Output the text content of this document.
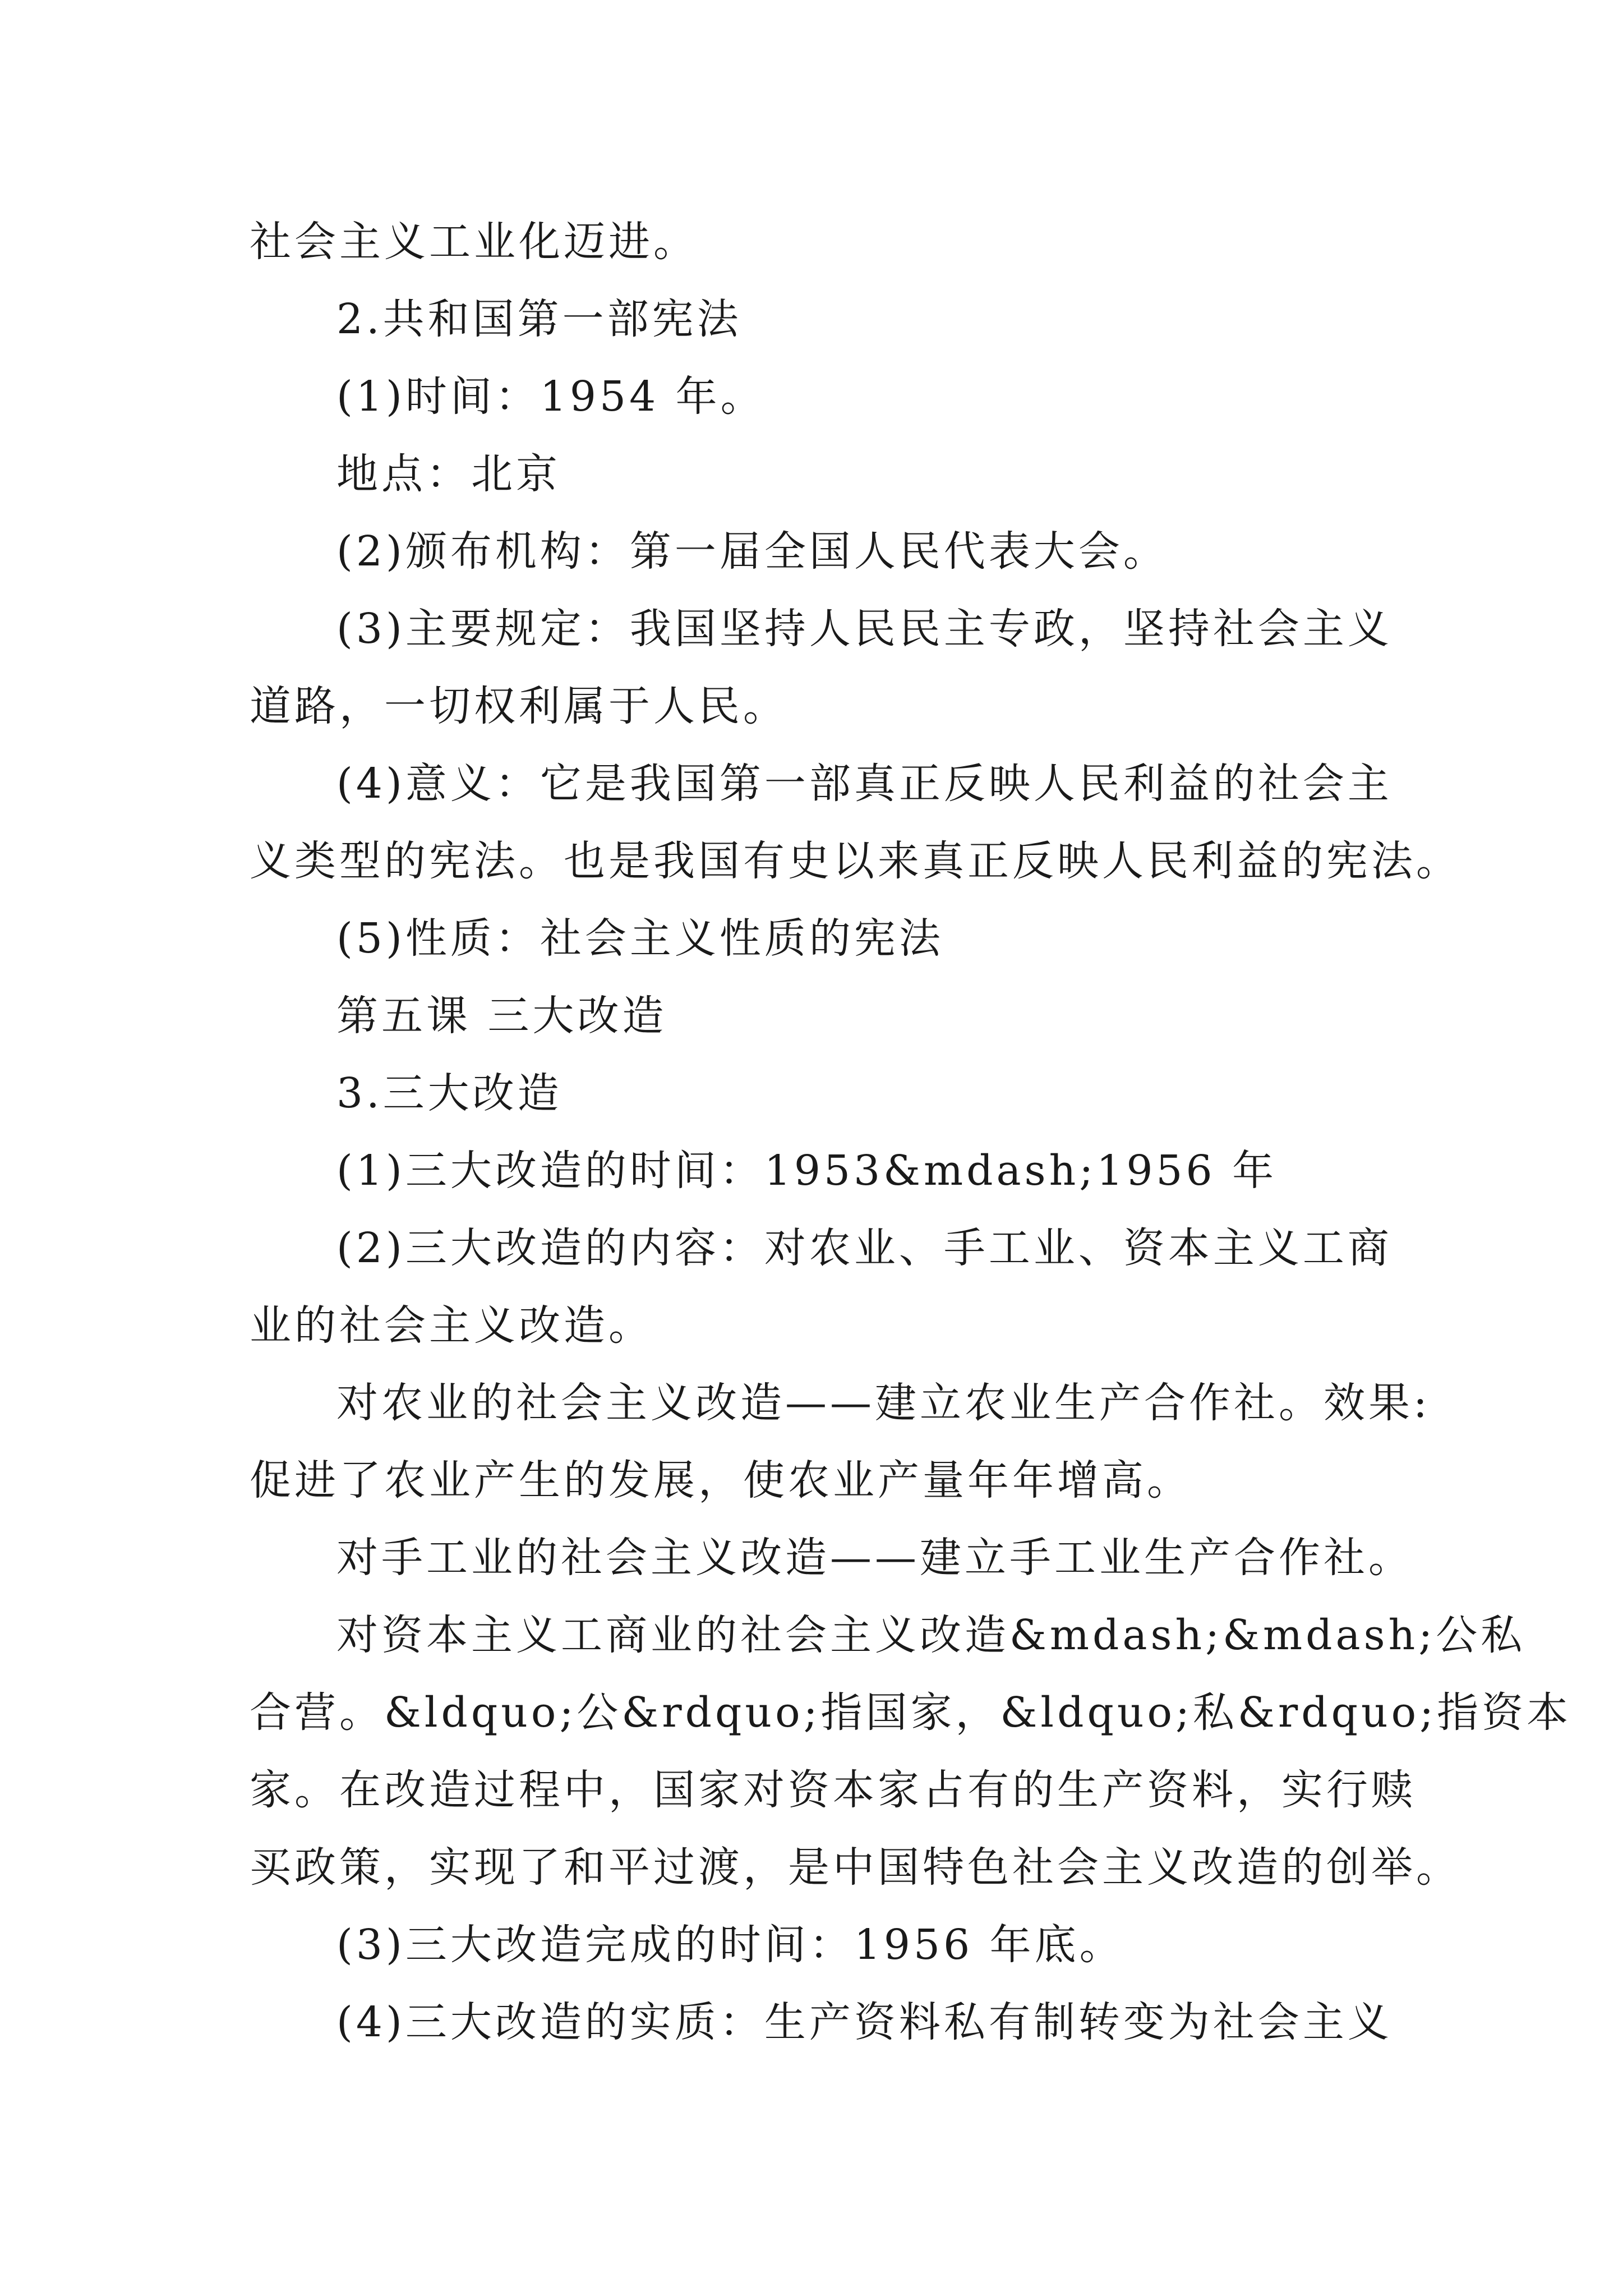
社会主义工业化迈进。
2.共和国第一部宪法
(1)时间：1954 年。
地点：北京
(2)颁布机构：第一届全国人民代表大会。
(3)主要规定：我国坚持人民民主专政，坚持社会主义
道路，一切权利属于人民。
(4)意义：它是我国第一部真正反映人民利益的社会主
义类型的宪法。也是我国有史以来真正反映人民利益的宪法。
(5)性质：社会主义性质的宪法
第五课 三大改造
3.三大改造
(1)三大改造的时间：1953&mdash;1956 年
(2)三大改造的内容：对农业、手工业、资本主义工商
业的社会主义改造。
对农业的社会主义改造——建立农业生产合作社。效果:
促进了农业产生的发展，使农业产量年年增高。
对手工业的社会主义改造——建立手工业生产合作社。
对资本主义工商业的社会主义改造&mdash;&mdash;公私
合营。&ldquo;公&rdquo;指国家，&ldquo;私&rdquo;指资本
家。在改造过程中，国家对资本家占有的生产资料，实行赎
买政策，实现了和平过渡，是中国特色社会主义改造的创举。
(3)三大改造完成的时间：1956 年底。
(4)三大改造的实质：生产资料私有制转变为社会主义
